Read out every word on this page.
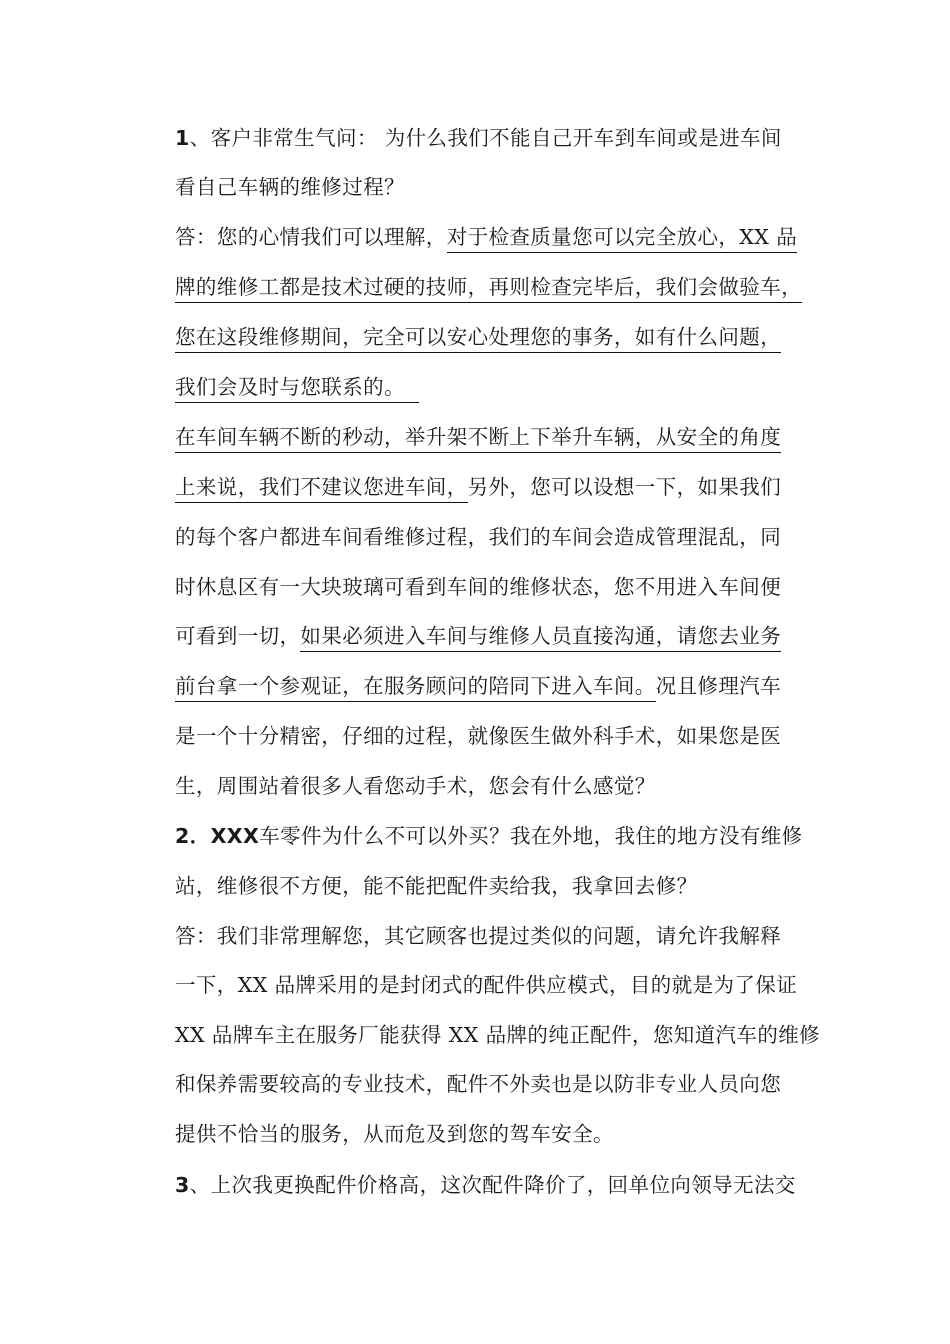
1、客户非常生气问： 为什么我们不能自己开车到车间或是进车间
看自己车辆的维修过程？
答：您的心情我们可以理解，对于检查质量您可以完全放心，XX 品
牌的维修工都是技术过硬的技师，再则检查完毕后，我们会做验车，
您在这段维修期间，完全可以安心处理您的事务，如有什么问题，
我们会及时与您联系的。
在车间车辆不断的秒动，举升架不断上下举升车辆，从安全的角度
上来说，我们不建议您进车间，另外，您可以设想一下，如果我们
的每个客户都进车间看维修过程，我们的车间会造成管理混乱，同
时休息区有一大块玻璃可看到车间的维修状态，您不用进入车间便
可看到一切，如果必须进入车间与维修人员直接沟通，请您去业务
前台拿一个参观证，在服务顾问的陪同下进入车间。况且修理汽车
是一个十分精密，仔细的过程，就像医生做外科手术，如果您是医
生，周围站着很多人看您动手术，您会有什么感觉？
2．XXX车零件为什么不可以外买？我在外地，我住的地方没有维修
站，维修很不方便，能不能把配件卖给我，我拿回去修？
答：我们非常理解您，其它顾客也提过类似的问题，请允许我解释
一下，XX 品牌采用的是封闭式的配件供应模式，目的就是为了保证
XX 品牌车主在服务厂能获得 XX 品牌的纯正配件，您知道汽车的维修
和保养需要较高的专业技术，配件不外卖也是以防非专业人员向您
提供不恰当的服务，从而危及到您的驾车安全。
3、上次我更换配件价格高，这次配件降价了，回单位向领导无法交
